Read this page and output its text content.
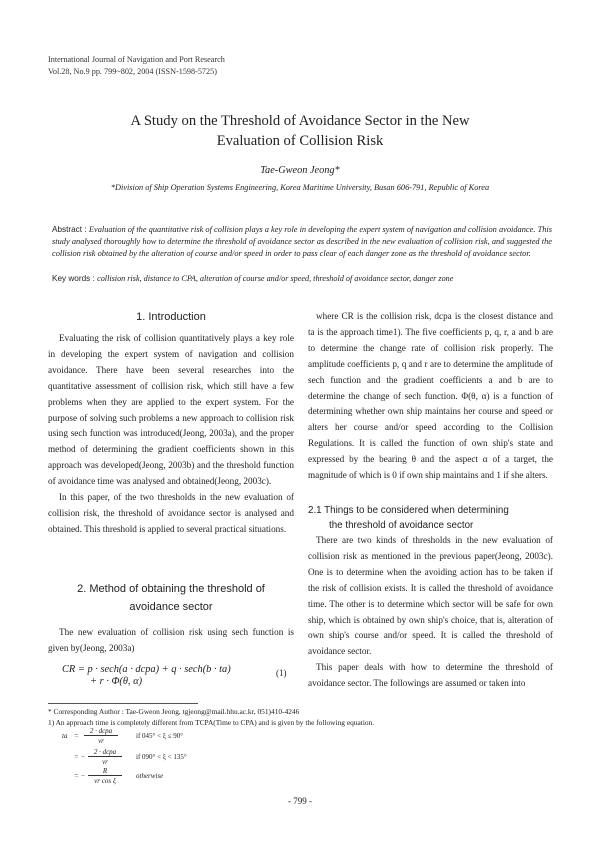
International Journal of Navigation and Port Research
Vol.28, No.9 pp. 799~802, 2004 (ISSN-1598-5725)
A Study on the Threshold of Avoidance Sector in the New
Evaluation of Collision Risk
Tae-Gweon Jeong*
*Division of Ship Operation Systems Engineering, Korea Maritime University, Busan 606-791, Republic of Korea
Abstract : Evaluation of the quantitative risk of collision plays a key role in developing the expert system of navigation and collision avoidance. This study analysed thoroughly how to determine the threshold of avoidance sector as described in the new evaluation of collision risk, and suggested the collision risk obtained by the alteration of course and/or speed in order to pass clear of each danger zone as the threshold of avoidance sector.
Key words : collision risk, distance to CPA, alteration of course and/or speed, threshold of avoidance sector, danger zone
1. Introduction

Evaluating the risk of collision quantitatively plays a key role in developing the expert system of navigation and collision avoidance. There have been several researches into the quantitative assessment of collision risk, which still have a few problems when they are applied to the expert system. For the purpose of solving such problems a new approach to collision risk using sech function was introduced(Jeong, 2003a), and the proper method of determining the gradient coefficients shown in this approach was developed(Jeong, 2003b) and the threshold function of avoidance time was analysed and obtained(Jeong, 2003c).

In this paper, of the two thresholds in the new evaluation of collision risk, the threshold of avoidance sector is analysed and obtained. This threshold is applied to several practical situations.

2. Method of obtaining the threshold of
avoidance sector

The new evaluation of collision risk using sech function is given by(Jeong, 2003a)

CR = p · sech(a · dcpa) + q · sech(b · ta)
+ r · Φ(θ, α)
(1)

where CR is the collision risk, dcpa is the closest distance and ta is the approach time1). The five coefficients p, q, r, a and b are to determine the change rate of collision risk properly. The amplitude coefficients p, q and r are to determine the amplitude of sech function and the gradient coefficients a and b are to determine the change of sech function. Φ(θ, α) is a function of determining whether own ship maintains her course and speed or alters her course and/or speed according to the Collision Regulations. It is called the function of own ship's state and expressed by the bearing θ and the aspect α of a target, the magnitude of which is 0 if own ship maintains and 1 if she alters.

2.1 Things to be considered when determining
the threshold of avoidance sector

There are two kinds of thresholds in the new evaluation of collision risk as mentioned in the previous paper(Jeong, 2003c). One is to determine when the avoiding action has to be taken if the risk of collision exists. It is called the threshold of avoidance time. The other is to determine which sector will be safe for own ship, which is obtained by own ship's choice, that is, alteration of own ship's course and/or speed. It is called the threshold of avoidance sector.

This paper deals with how to determine the threshold of avoidance sector. The followings are assumed or taken into

* Corresponding Author : Tae-Gweon Jeong, tgjeong@mail.hhu.ac.kr, 051)410-4246
1) An approach time is completely different from TCPA(Time to CPA) and is given by the following equation.
ta =
2 · dcpa
vr
if 045° < ξ ≤ 90°
= −
2 · dcpa
vr
if 090° < ξ < 135°
= −
R
vr cos ξ
otherwise
- 799 -
